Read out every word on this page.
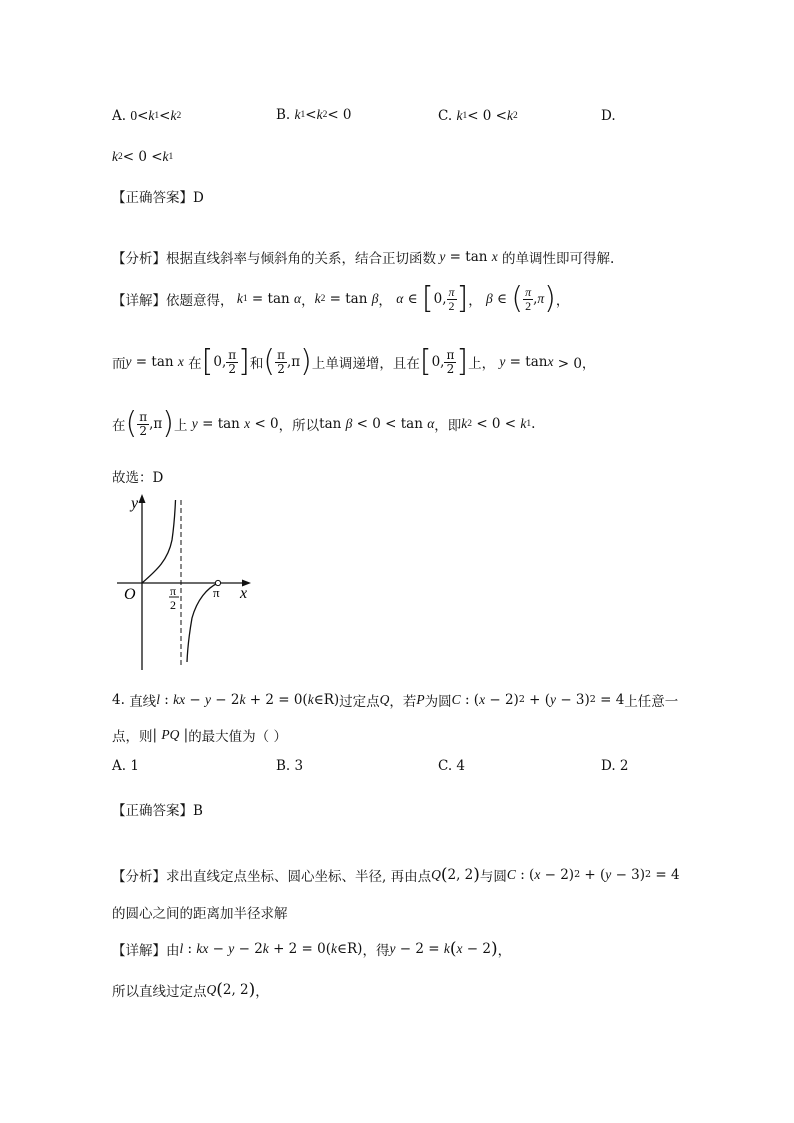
A.
0 < k 1 < k 2	B.
k 1 < k 2 < 0	C.
k 1 < 0 < k 2	D.
k 2 < 0 < k 1
【正确答案】D
【分析】 根据直线斜率与倾斜角的关系，结合正切函数 y = tan x
的单调性即可得解.
【详解】 依题意得， k 1 = tan α ， k 2 = tan β ， α ∈ [ 0, $\frac{\pi}{2}$ ] ， β ∈ ( $\frac{\pi}{2}$ , π ) ，
而 y = tan x
在 [ 0, $\frac{\pi}{2}$ ] 和 ( $\frac{\pi}{2} ,\pi$ ) 上单调递增，且在 [ 0, $\frac{\pi}{2}$ ] 上，
y = tan x > 0，
在 ( $\frac{\pi}{2} ,\pi$ ) 上
y = tan x < 0 ，所以 tan β < 0 < tan α ，即 k 2 < 0 < k 1 .
故选：D
y
x
O	π
π
2
4.
直线 l : kx − y − 2 k + 2 = 0( k ∈R) 过定点 Q ，若 P 为圆 C : ( x − 2) 2 + ( y − 3) 2 = 4 上任意一
点，则 | PQ | 的最大值为（ ）
A. 1	B. 3	C. 4	D. 2
【正确答案】B
【分析】 求出直线定点坐标、圆心坐标、半径, 再由点 Q ( 2, 2 ) 与圆 C : ( x − 2) 2 + ( y − 3) 2 = 4
的圆心之间的距离加半径求解
【详解】 由 l : kx − y − 2 k + 2 = 0( k ∈R) ，得 y − 2 = k ( x − 2 ) ，
所以直线过定点 Q ( 2, 2 ) ，
